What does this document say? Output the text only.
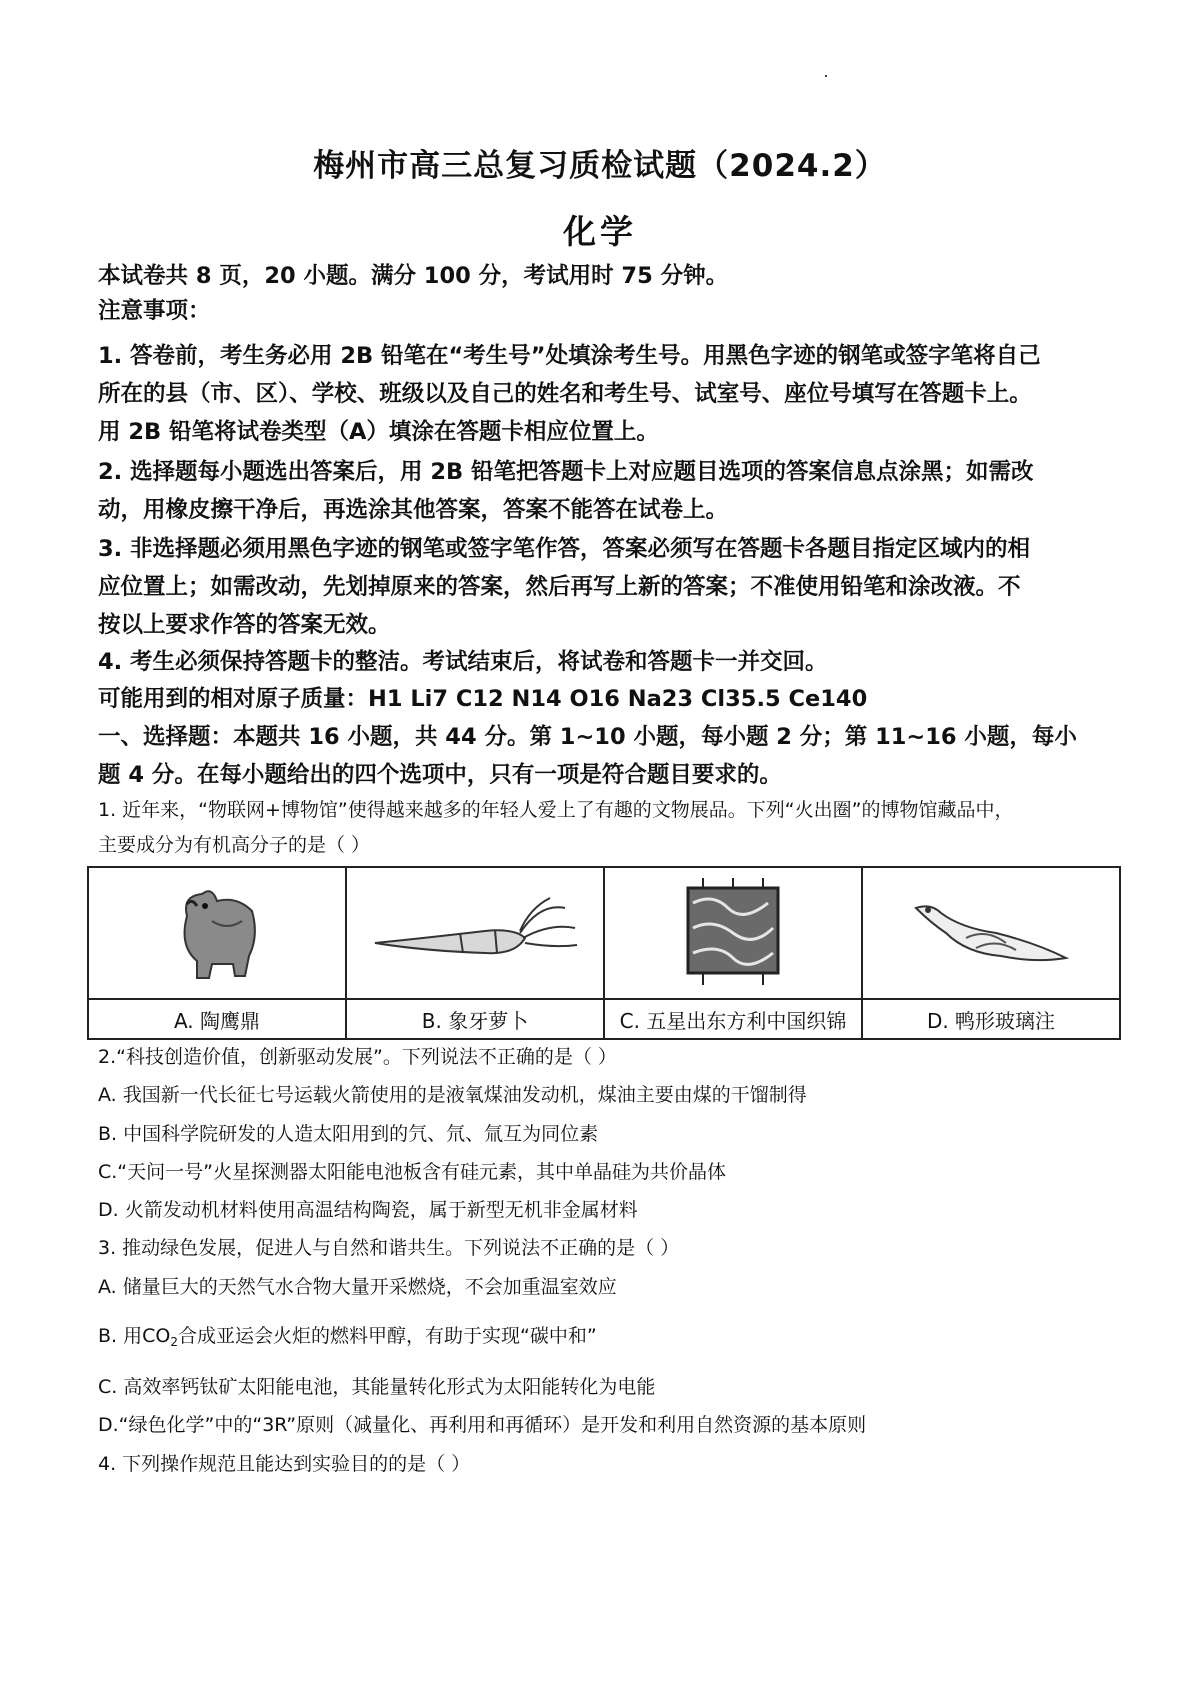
梅州市高三总复习质检试题（2024.2）
化学
本试卷共 8 页，20 小题。满分 100 分，考试用时 75 分钟。
注意事项：
1. 答卷前，考生务必用 2B 铅笔在“考生号”处填涂考生号。用黑色字迹的钢笔或签字笔将自己
所在的县（市、区）、学校、班级以及自己的姓名和考生号、试室号、座位号填写在答题卡上。
用 2B 铅笔将试卷类型（A）填涂在答题卡相应位置上。
2. 选择题每小题选出答案后，用 2B 铅笔把答题卡上对应题目选项的答案信息点涂黑；如需改
动，用橡皮擦干净后，再选涂其他答案，答案不能答在试卷上。
3. 非选择题必须用黑色字迹的钢笔或签字笔作答，答案必须写在答题卡各题目指定区域内的相
应位置上；如需改动，先划掉原来的答案，然后再写上新的答案；不准使用铅笔和涂改液。不
按以上要求作答的答案无效。
4. 考生必须保持答题卡的整洁。考试结束后，将试卷和答题卡一并交回。
可能用到的相对原子质量：H1 Li7 C12 N14 O16 Na23 Cl35.5 Ce140
一、选择题：本题共 16 小题，共 44 分。第 1~10 小题，每小题 2 分；第 11~16 小题，每小
题 4 分。在每小题给出的四个选项中，只有一项是符合题目要求的。
1. 近年来，“物联网+博物馆”使得越来越多的年轻人爱上了有趣的文物展品。下列“火出圈”的博物馆藏品中，
主要成分为有机高分子的是（ ）

A. 陶鹰鼎	B. 象牙萝卜	C. 五星出东方利中国织锦	D. 鸭形玻璃注
2.“科技创造价值，创新驱动发展”。下列说法不正确的是（ ）
A. 我国新一代长征七号运载火箭使用的是液氧煤油发动机，煤油主要由煤的干馏制得
B. 中国科学院研发的人造太阳用到的氕、氘、氚互为同位素
C.“天问一号”火星探测器太阳能电池板含有硅元素，其中单晶硅为共价晶体
D. 火箭发动机材料使用高温结构陶瓷，属于新型无机非金属材料
3. 推动绿色发展，促进人与自然和谐共生。下列说法不正确的是（ ）
A. 储量巨大的天然气水合物大量开采燃烧，不会加重温室效应
B. 用$CO_2$合成亚运会火炬的燃料甲醇，有助于实现“碳中和”
C. 高效率钙钛矿太阳能电池，其能量转化形式为太阳能转化为电能
D.“绿色化学”中的“3R”原则（减量化、再利用和再循环）是开发和利用自然资源的基本原则
4. 下列操作规范且能达到实验目的的是（ ）
